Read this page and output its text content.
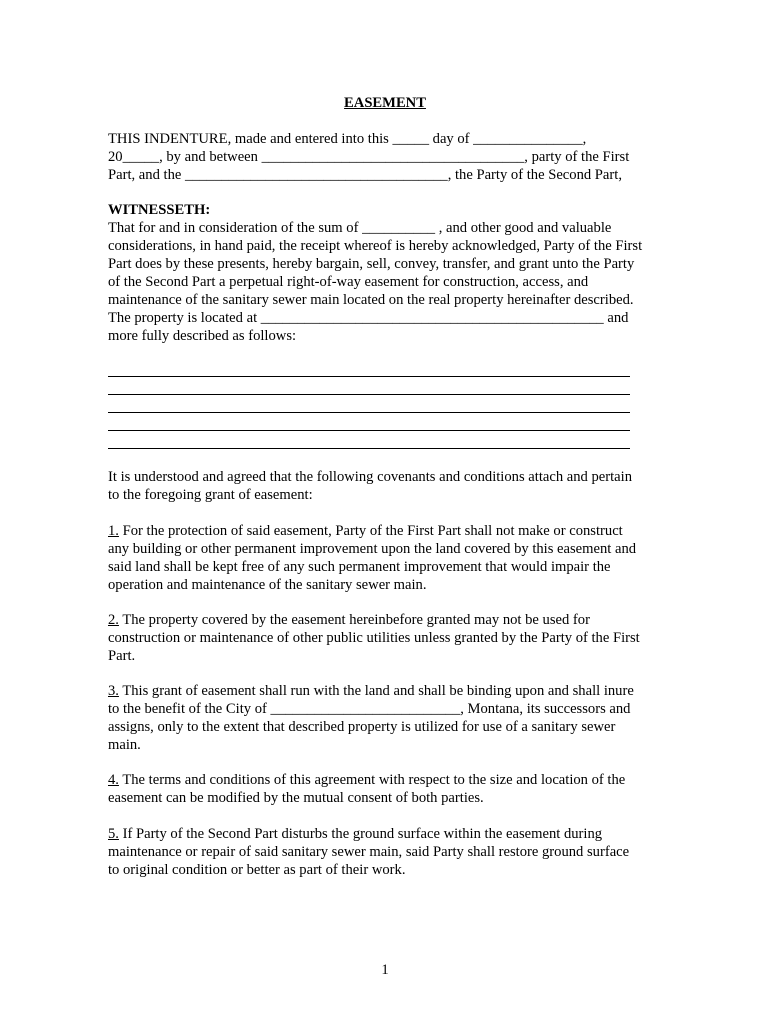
EASEMENT
THIS INDENTURE, made and entered into this _____ day of _______________,
20_____, by and between ____________________________________, party of the First
Part, and the ____________________________________, the Party of the Second Part,
WITNESSETH:
That for and in consideration of the sum of __________ , and other good and valuable
considerations, in hand paid, the receipt whereof is hereby acknowledged, Party of the First
Part does by these presents, hereby bargain, sell, convey, transfer, and grant unto the Party
of the Second Part a perpetual right-of-way easement for construction, access, and
maintenance of the sanitary sewer main located on the real property hereinafter described.
The property is located at _______________________________________________ and
more fully described as follows:
It is understood and agreed that the following covenants and conditions attach and pertain
to the foregoing grant of easement:
1. For the protection of said easement, Party of the First Part shall not make or construct
any building or other permanent improvement upon the land covered by this easement and
said land shall be kept free of any such permanent improvement that would impair the
operation and maintenance of the sanitary sewer main.
2. The property covered by the easement hereinbefore granted may not be used for
construction or maintenance of other public utilities unless granted by the Party of the First
Part.
3. This grant of easement shall run with the land and shall be binding upon and shall inure
to the benefit of the City of __________________________, Montana, its successors and
assigns, only to the extent that described property is utilized for use of a sanitary sewer
main.
4. The terms and conditions of this agreement with respect to the size and location of the
easement can be modified by the mutual consent of both parties.
5. If Party of the Second Part disturbs the ground surface within the easement during
maintenance or repair of said sanitary sewer main, said Party shall restore ground surface
to original condition or better as part of their work.
1
